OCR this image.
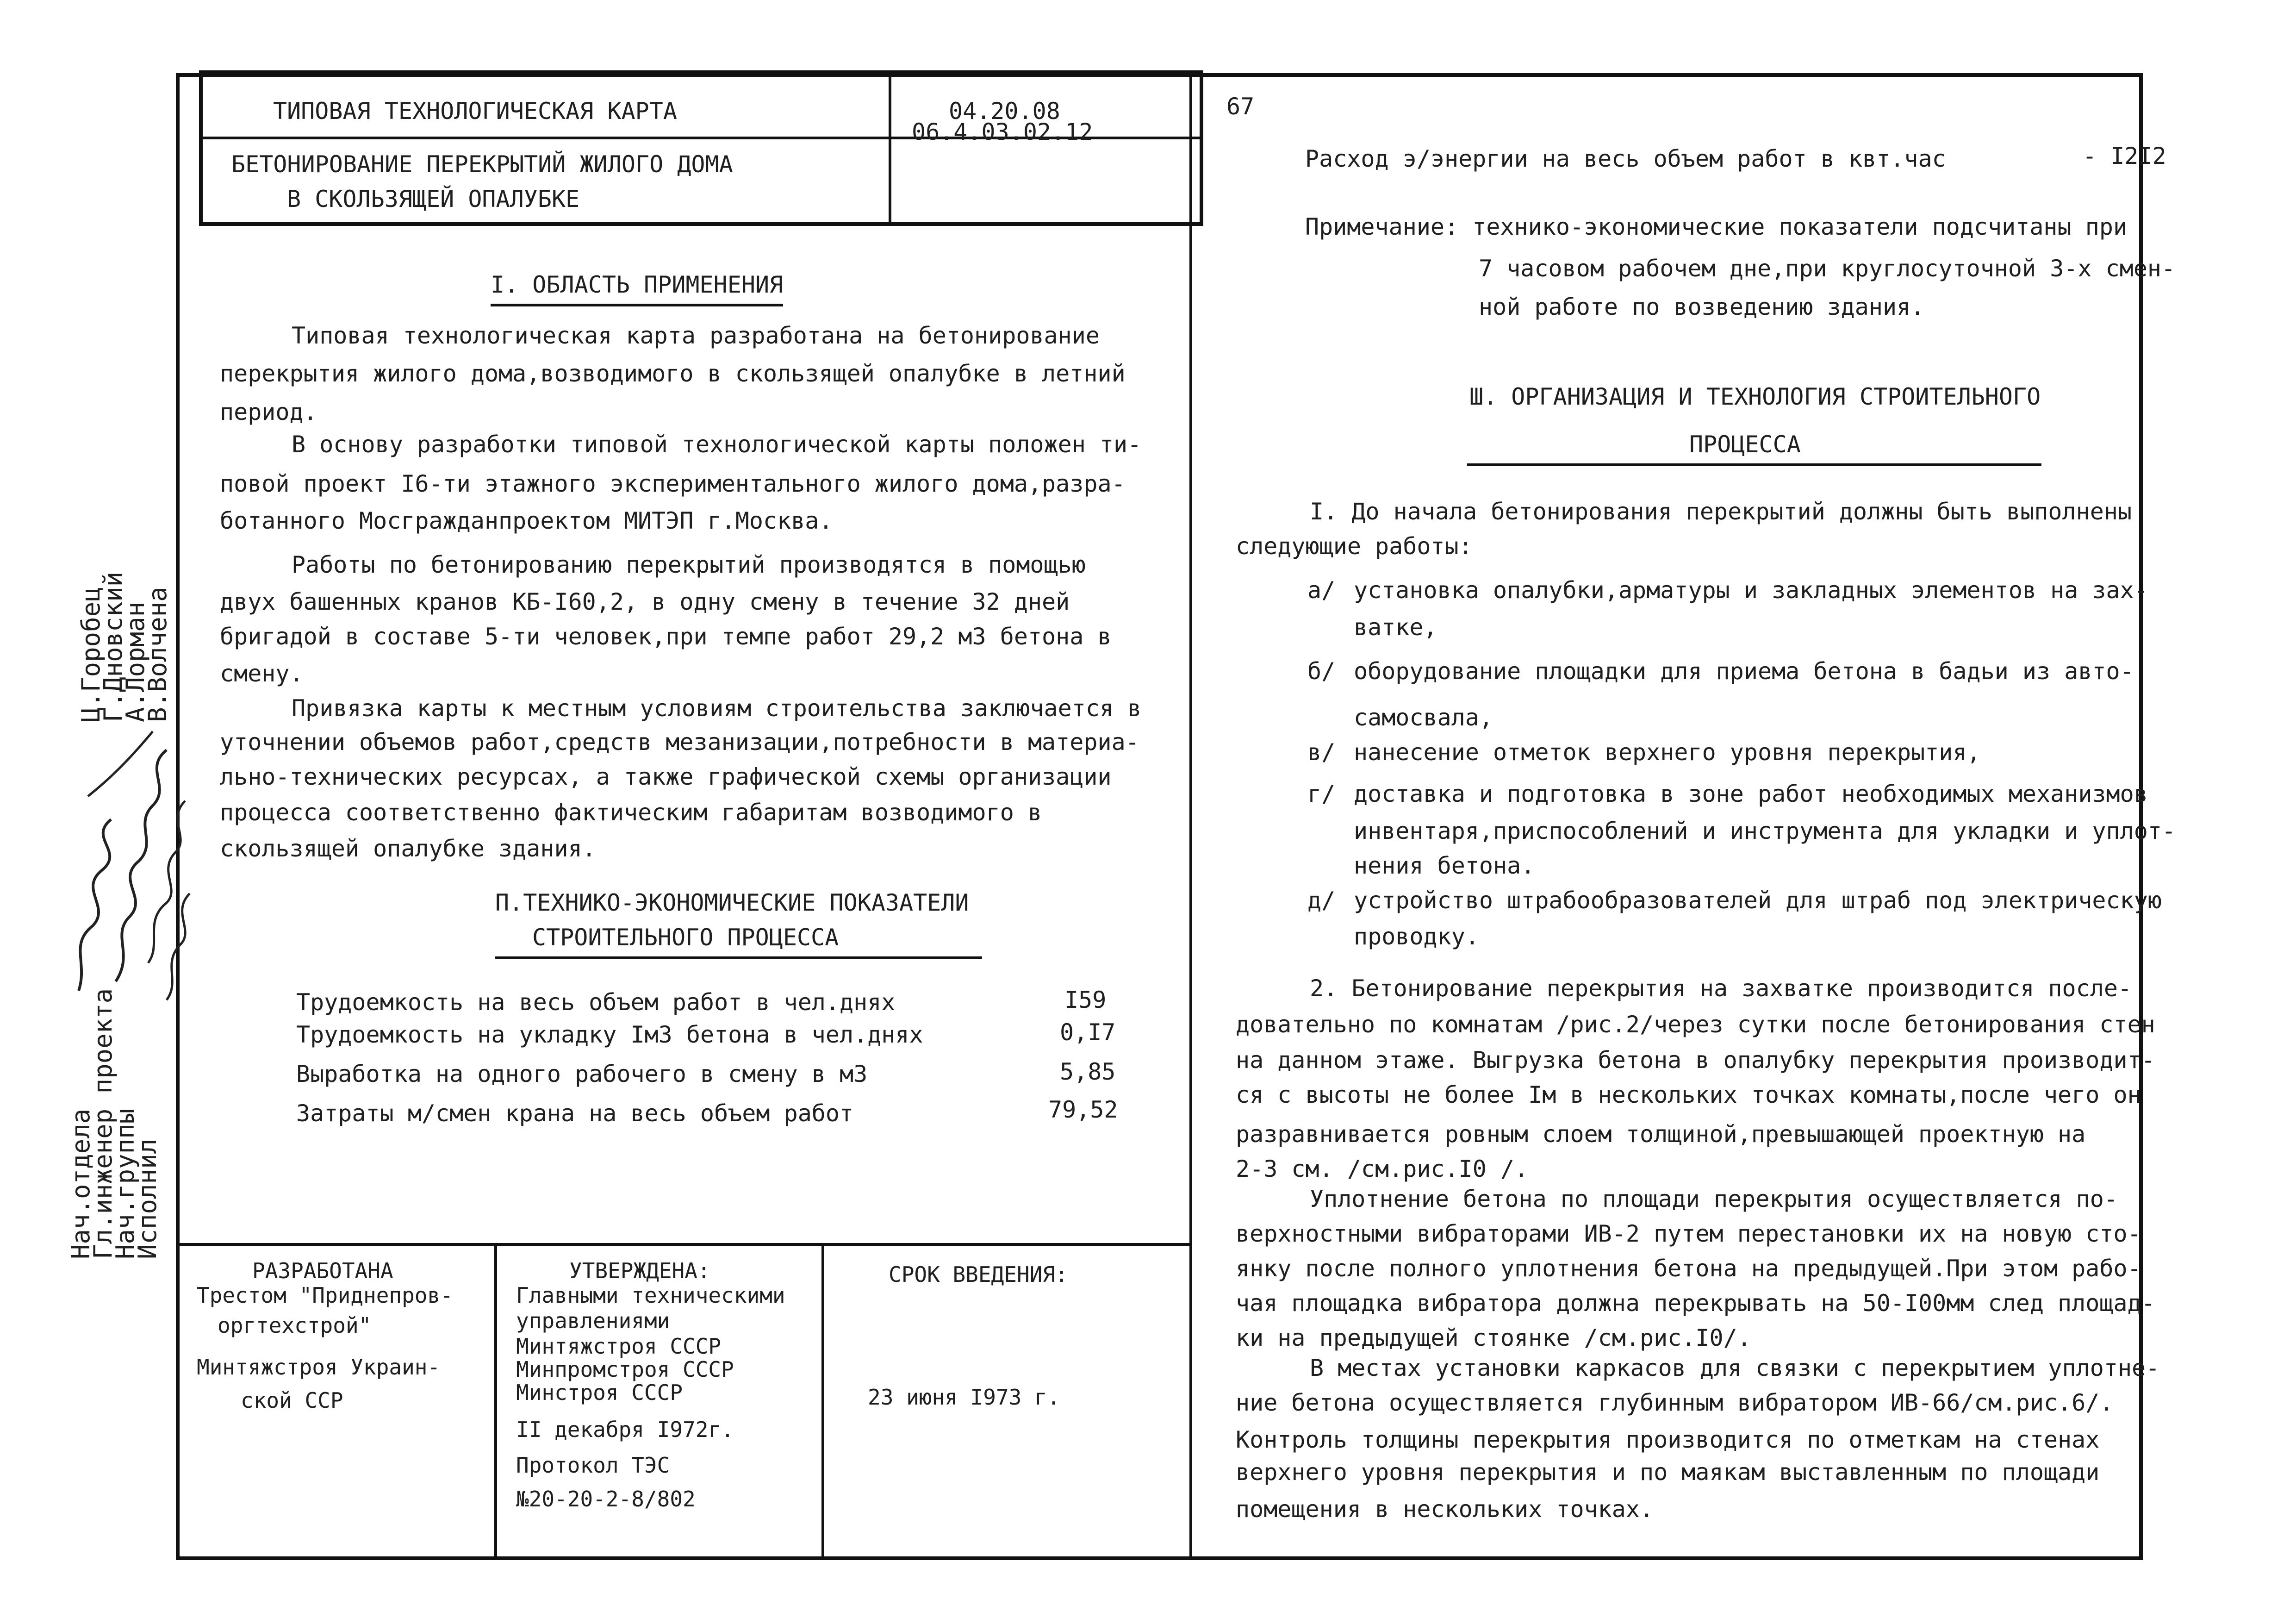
ТИПОВАЯ ТЕХНОЛОГИЧЕСКАЯ КАРТА	04.20.08
06.4.03.02.12
БЕТОНИРОВАНИЕ ПЕРЕКРЫТИЙ ЖИЛОГО ДОМА
В СКОЛЬЗЯЩЕЙ ОПАЛУБКЕ
67
I. ОБЛАСТЬ ПРИМЕНЕНИЯ
Типовая технологическая карта разработана на бетонирование
перекрытия жилого дома,возводимого в скользящей опалубке в летний
период.
В основу разработки типовой технологической карты положен ти-
повой проект I6-ти этажного экспериментального жилого дома,разра-
ботанного Мосгражданпроектом МИТЭП г.Москва.
Работы по бетонированию перекрытий производятся в помощью
двух башенных кранов КБ-I60,2, в одну смену в течение 32 дней
бригадой в составе 5-ти человек,при темпе работ 29,2 м3 бетона в
смену.
Привязка карты к местным условиям строительства заключается в
уточнении объемов работ,средств мезанизации,потребности в материа-
льно-технических ресурсах, а также графической схемы организации
процесса соответственно фактическим габаритам возводимого в
скользящей опалубке здания.
П.ТЕХНИКО-ЭКОНОМИЧЕСКИЕ ПОКАЗАТЕЛИ
СТРОИТЕЛЬНОГО ПРОЦЕССА
Трудоемкость на весь объем работ в чел.днях	I59
Трудоемкость на укладку IмЗ бетона в чел.днях	0,I7
Выработка на одного рабочего в смену в мЗ	5,85
Затраты м/смен крана на весь объем работ	79,52
Нач.отдела
Гл.инженер проекта
Нач.группы
Исполнил
Ц.Горобец
Г.Дновский
А.Лорман
В.Волчена
РАЗРАБОТАНА
Трестом "Приднепров-
оргтехстрой"
Минтяжстроя Украин-
ской ССР
УТВЕРЖДЕНА:
Главными техническими
управлениями
Минтяжстроя СССР
Минпромстроя СССР
Минстроя СССР
II декабря I972г.
Протокол ТЭС
№20-20-2-8/802
СРОК ВВЕДЕНИЯ:
23 июня I973 г.
Расход э/энергии на весь объем работ в квт.час	- I2I2
Примечание: технико-экономические показатели подсчитаны при
7 часовом рабочем дне,при круглосуточной 3-х смен-
ной работе по возведению здания.
Ш. ОРГАНИЗАЦИЯ И ТЕХНОЛОГИЯ СТРОИТЕЛЬНОГО
ПРОЦЕССА
I. До начала бетонирования перекрытий должны быть выполнены
следующие работы:
а/ установка опалубки,арматуры и закладных элементов на зах-
ватке,
б/ оборудование площадки для приема бетона в бадьи из авто-
самосвала,
в/ нанесение отметок верхнего уровня перекрытия,
г/ доставка и подготовка в зоне работ необходимых механизмов
инвентаря,приспособлений и инструмента для укладки и уплот-
нения бетона.
д/ устройство штрабообразователей для штраб под электрическую
проводку.
2. Бетонирование перекрытия на захватке производится после-
довательно по комнатам /рис.2/через сутки после бетонирования стен
на данном этаже. Выгрузка бетона в опалубку перекрытия производит-
ся с высоты не более Iм в нескольких точках комнаты,после чего он
разравнивается ровным слоем толщиной,превышающей проектную на
2-3 см. /см.рис.I0 /.
Уплотнение бетона по площади перекрытия осуществляется по-
верхностными вибраторами ИВ-2 путем перестановки их на новую сто-
янку после полного уплотнения бетона на предыдущей.При этом рабо-
чая площадка вибратора должна перекрывать на 50-I00мм след площад-
ки на предыдущей стоянке /см.рис.I0/.
В местах установки каркасов для связки с перекрытием уплотне-
ние бетона осуществляется глубинным вибратором ИВ-66/см.рис.6/.
Контроль толщины перекрытия производится по отметкам на стенах
верхнего уровня перекрытия и по маякам выставленным по площади
помещения в нескольких точках.
